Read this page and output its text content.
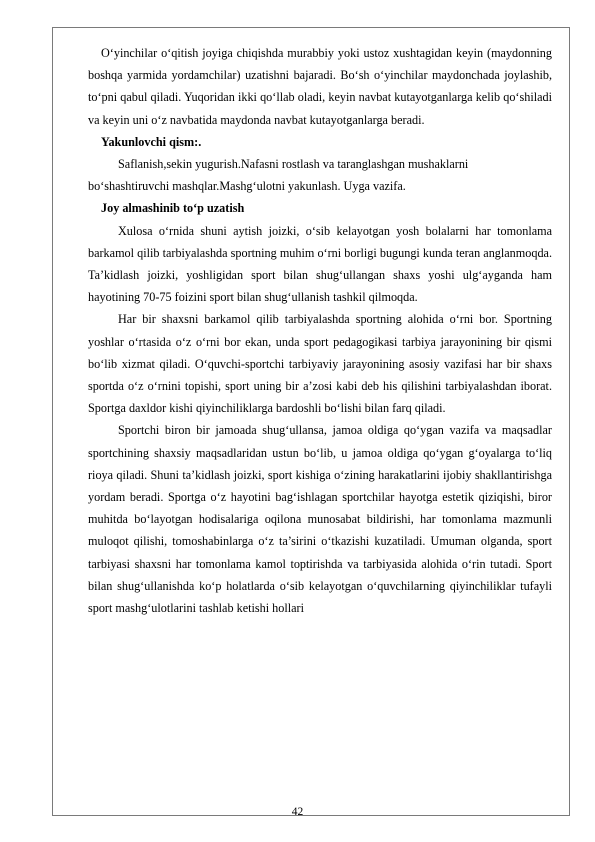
O‘yinchilar o‘qitish joyiga chiqishda murabbiy yoki ustoz xushtagidan keyin (maydonning boshqa yarmida yordamchilar) uzatishni bajaradi. Bo‘sh o‘yinchilar maydonchada joylashib, to‘pni qabul qiladi. Yuqoridan ikki qo‘llab oladi, keyin navbat kutayotganlarga kelib qo‘shiladi va keyin uni o‘z navbatida maydonda navbat kutayotganlarga beradi.

Yakunlovchi qism:.

Saflanish,sekin yugurish.Nafasni rostlash va taranglashgan mushaklarni

bo‘shashtiruvchi mashqlar.Mashg‘ulotni yakunlash. Uyga vazifa.

Joy almashinib to‘p uzatish

Xulosa o‘rnida shuni aytish joizki, o‘sib kelayotgan yosh bolalarni har tomonlama barkamol qilib tarbiyalashda sportning muhim o‘rni borligi bugungi kunda teran anglanmoqda. Ta’kidlash joizki, yoshligidan sport bilan shug‘ullangan shaxs yoshi ulg‘ayganda ham hayotining 70-75 foizini sport bilan shug‘ullanish tashkil qilmoqda.

Har bir shaxsni barkamol qilib tarbiyalashda sportning alohida o‘rni bor. Sportning yoshlar o‘rtasida o‘z o‘rni bor ekan, unda sport pedagogikasi tarbiya jarayonining bir qismi bo‘lib xizmat qiladi. O‘quvchi-sportchi tarbiyaviy jarayonining asosiy vazifasi har bir shaxs sportda o‘z o‘rnini topishi, sport uning bir a’zosi kabi deb his qilishini tarbiyalashdan iborat. Sportga daxldor kishi qiyinchiliklarga bardoshli bo‘lishi bilan farq qiladi.

Sportchi biron bir jamoada shug‘ullansa, jamoa oldiga qo‘ygan vazifa va maqsadlar sportchining shaxsiy maqsadlaridan ustun bo‘lib, u jamoa oldiga qo‘ygan g‘oyalarga to‘liq rioya qiladi. Shuni ta’kidlash joizki, sport kishiga o‘zining harakatlarini ijobiy shakllantirishga yordam beradi. Sportga o‘z hayotini bag‘ishlagan sportchilar hayotga estetik qiziqishi, biror muhitda bo‘layotgan hodisalariga oqilona munosabat bildirishi, har tomonlama mazmunli muloqot qilishi, tomoshabinlarga o‘z ta’sirini o‘tkazishi kuzatiladi. Umuman olganda, sport tarbiyasi shaxsni har tomonlama kamol toptirishda va tarbiyasida alohida o‘rin tutadi. Sport bilan shug‘ullanishda ko‘p holatlarda o‘sib kelayotgan o‘quvchilarning qiyinchiliklar tufayli sport mashg‘ulotlarini tashlab ketishi hollari

42
